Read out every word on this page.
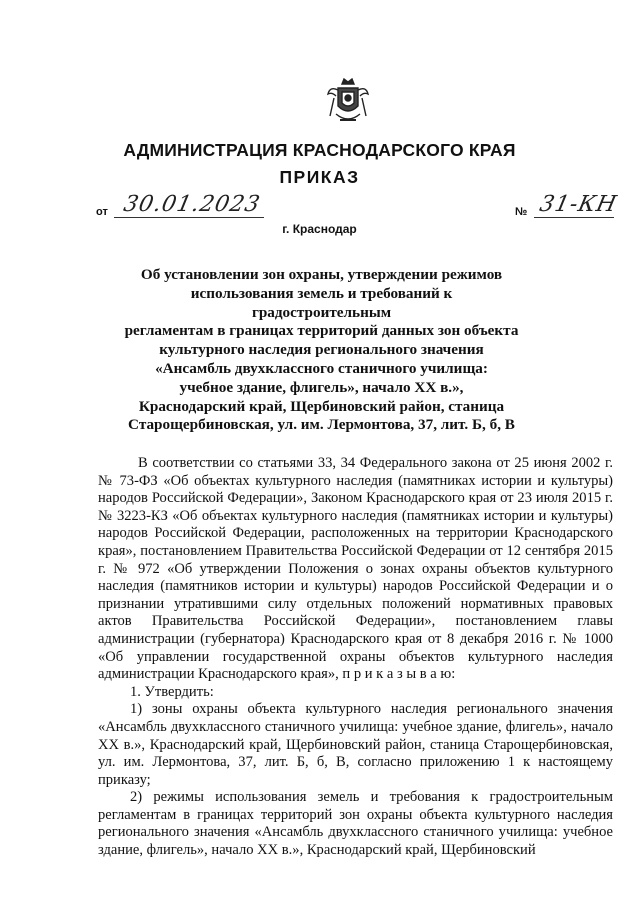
АДМИНИСТРАЦИЯ КРАСНОДАРСКОГО КРАЯ
ПРИКАЗ
от 30.01.2023	№ 31-КН
г. Краснодар
Об установлении зон охраны, утверждении режимов
использования земель и требований к градостроительным
регламентам в границах территорий данных зон объекта
культурного наследия регионального значения
«Ансамбль двухклассного станичного училища:
учебное здание, флигель», начало XX в.»,
Краснодарский край, Щербиновский район, станица
Старощербиновская, ул. им. Лермонтова, 37, лит. Б, б, В

В соответствии со статьями 33, 34 Федерального закона от 25 июня 2002 г. № 73-ФЗ «Об объектах культурного наследия (памятниках истории и культуры) народов Российской Федерации», Законом Краснодарского края от 23 июля 2015 г. № 3223-КЗ «Об объектах культурного наследия (памятниках истории и культуры) народов Российской Федерации, расположенных на территории Краснодарского края», постановлением Правительства Российской Федерации от 12 сентября 2015 г. № 972 «Об утверждении Положения о зонах охраны объектов культурного наследия (памятников истории и культуры) народов Российской Федерации и о признании утратившими силу отдельных положений нормативных правовых актов Правительства Российской Федерации», постановлением главы администрации (губернатора) Краснодарского края от 8 декабря 2016 г. № 1000 «Об управлении государственной охраны объектов культурного наследия администрации Краснодарского края», п р и к а з ы в а ю:

1. Утвердить:

1) зоны охраны объекта культурного наследия регионального значения «Ансамбль двухклассного станичного училища: учебное здание, флигель», начало XX в.», Краснодарский край, Щербиновский район, станица Старощербиновская, ул. им. Лермонтова, 37, лит. Б, б, В, согласно приложению 1 к настоящему приказу;

2) режимы использования земель и требования к градостроительным регламентам в границах территорий зон охраны объекта культурного наследия регионального значения «Ансамбль двухклассного станичного училища: учебное здание, флигель», начало XX в.», Краснодарский край, Щербиновский
